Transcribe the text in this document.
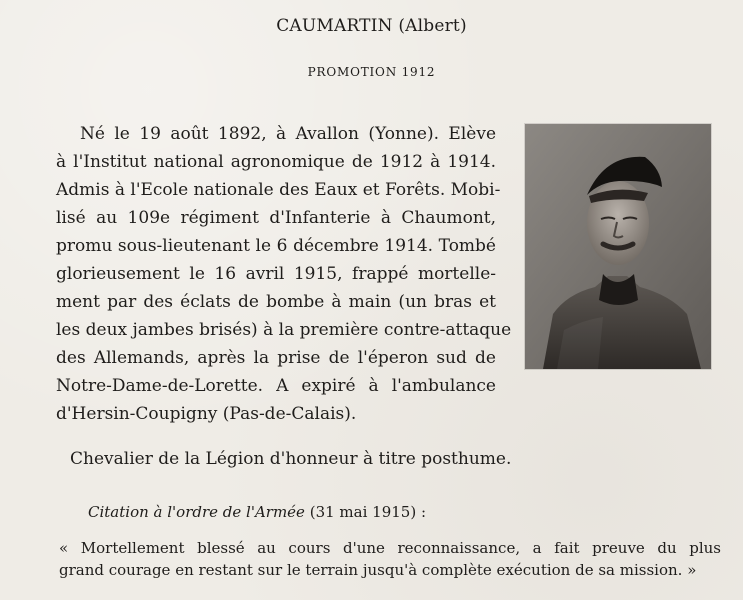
CAUMARTIN (Albert)
PROMOTION 1912
Né le 19 août 1892, à Avallon (Yonne). Elève
à l'Institut national agronomique de 1912 à 1914.
Admis à l'Ecole nationale des Eaux et Forêts. Mobi-
lisé au 109e régiment d'Infanterie à Chaumont,
promu sous-lieutenant le 6 décembre 1914. Tombé
glorieusement le 16 avril 1915, frappé mortelle-
ment par des éclats de bombe à main (un bras et
les deux jambes brisés) à la première contre-attaque
des Allemands, après la prise de l'éperon sud de
Notre-Dame-de-Lorette. A expiré à l'ambulance
d'Hersin-Coupigny (Pas-de-Calais).
Chevalier de la Légion d'honneur à titre posthume.
Citation à l'ordre de l'Armée (31 mai 1915) :
« Mortellement blessé au cours d'une reconnaissance, a fait preuve du plus
grand courage en restant sur le terrain jusqu'à complète exécution de sa mission. »
